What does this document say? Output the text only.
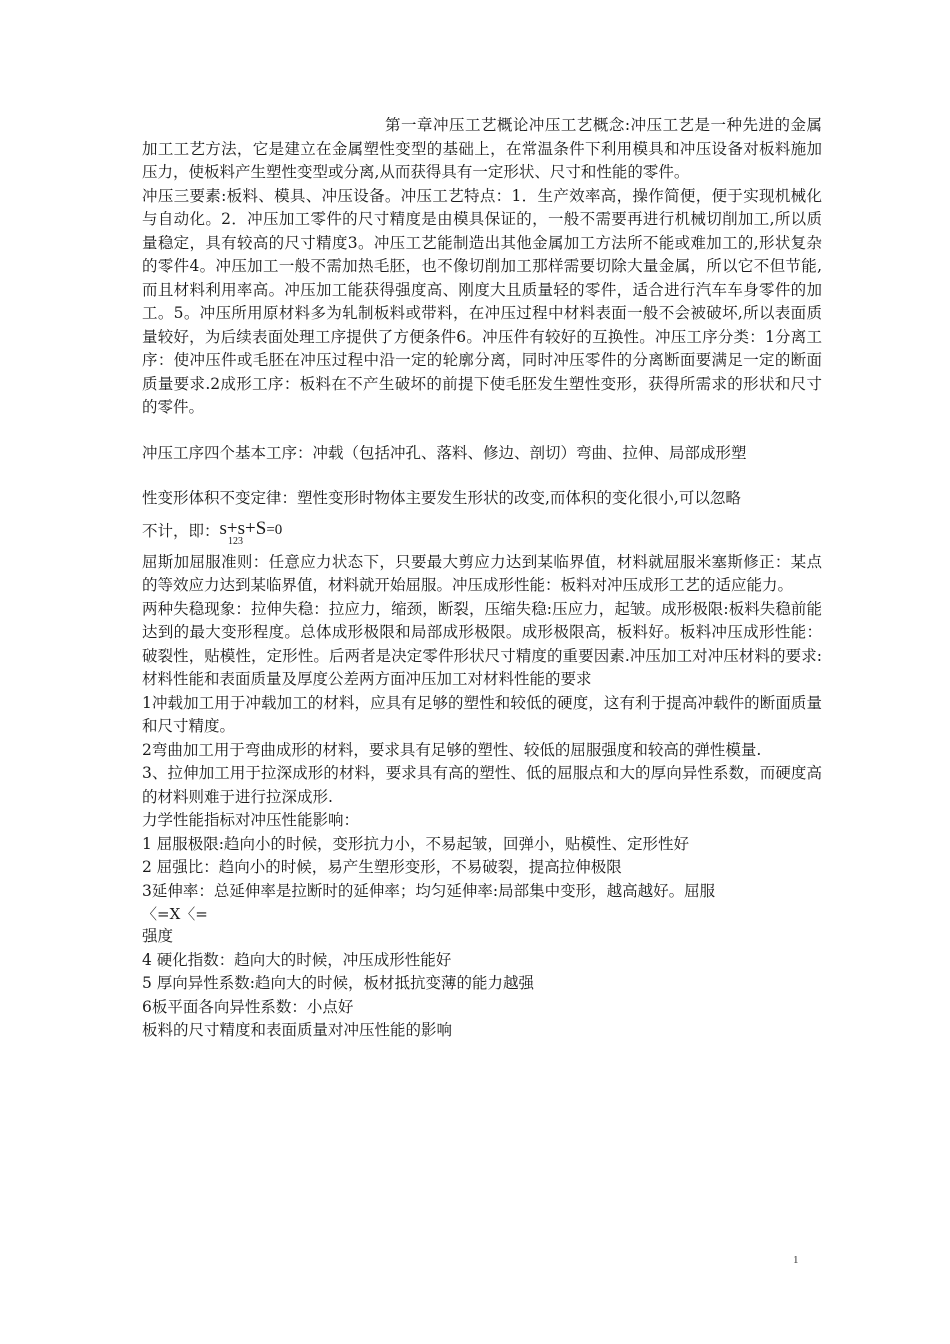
第一章冲压工艺概论冲压工艺概念:冲压工艺是一种先进的金属加工工艺方法，它是建立在金属塑性变型的基础上，在常温条件下利用模具和冲压设备对板料施加压力，使板料产生塑性变型或分离,从而获得具有一定形状、尺寸和性能的零件。

冲压三要素:板料、模具、冲压设备。冲压工艺特点：1．生产效率高，操作简便，便于实现机械化与自动化。2．冲压加工零件的尺寸精度是由模具保证的，一般不需要再进行机械切削加工,所以质量稳定，具有较高的尺寸精度3。冲压工艺能制造出其他金属加工方法所不能或难加工的,形状复杂的零件4。冲压加工一般不需加热毛胚，也不像切削加工那样需要切除大量金属，所以它不但节能,而且材料利用率高。冲压加工能获得强度高、刚度大且质量轻的零件，适合进行汽车车身零件的加工。5。冲压所用原材料多为轧制板料或带料，在冲压过程中材料表面一般不会被破坏,所以表面质量较好，为后续表面处理工序提供了方便条件6。冲压件有较好的互换性。冲压工序分类：1分离工序：使冲压件或毛胚在冲压过程中沿一定的轮廓分离，同时冲压零件的分离断面要满足一定的断面质量要求.2成形工序：板料在不产生破坏的前提下使毛胚发生塑性变形，获得所需求的形状和尺寸的零件。

冲压工序四个基本工序：冲载（包括冲孔、落料、修边、剖切）弯曲、拉伸、局部成形塑

性变形体积不变定律：塑性变形时物体主要发生形状的改变,而体积的变化很小,可以忽略

不计，即：s+s+S=0
123

屈斯加屈服准则：任意应力状态下，只要最大剪应力达到某临界值，材料就屈服米塞斯修正：某点的等效应力达到某临界值，材料就开始屈服。冲压成形性能：板料对冲压成形工艺的适应能力。

两种失稳现象：拉伸失稳：拉应力，缩颈，断裂，压缩失稳:压应力，起皱。成形极限:板料失稳前能达到的最大变形程度。总体成形极限和局部成形极限。成形极限高，板料好。板料冲压成形性能：破裂性，贴模性，定形性。后两者是决定零件形状尺寸精度的重要因素.冲压加工对冲压材料的要求:材料性能和表面质量及厚度公差两方面冲压加工对材料性能的要求

1冲载加工用于冲载加工的材料，应具有足够的塑性和较低的硬度，这有利于提高冲载件的断面质量和尺寸精度。

2弯曲加工用于弯曲成形的材料，要求具有足够的塑性、较低的屈服强度和较高的弹性模量.

3、拉伸加工用于拉深成形的材料，要求具有高的塑性、低的屈服点和大的厚向异性系数，而硬度高的材料则难于进行拉深成形.

力学性能指标对冲压性能影响：

1 屈服极限:趋向小的时候，变形抗力小，不易起皱，回弹小，贴模性、定形性好

2 屈强比：趋向小的时候，易产生塑形变形，不易破裂，提高拉伸极限

3延伸率：总延伸率是拉断时的延伸率；均匀延伸率:局部集中变形，越高越好。屈服

〈=X〈=

强度

4 硬化指数：趋向大的时候，冲压成形性能好

5 厚向异性系数:趋向大的时候，板材抵抗变薄的能力越强

6板平面各向异性系数：小点好

板料的尺寸精度和表面质量对冲压性能的影响

1
